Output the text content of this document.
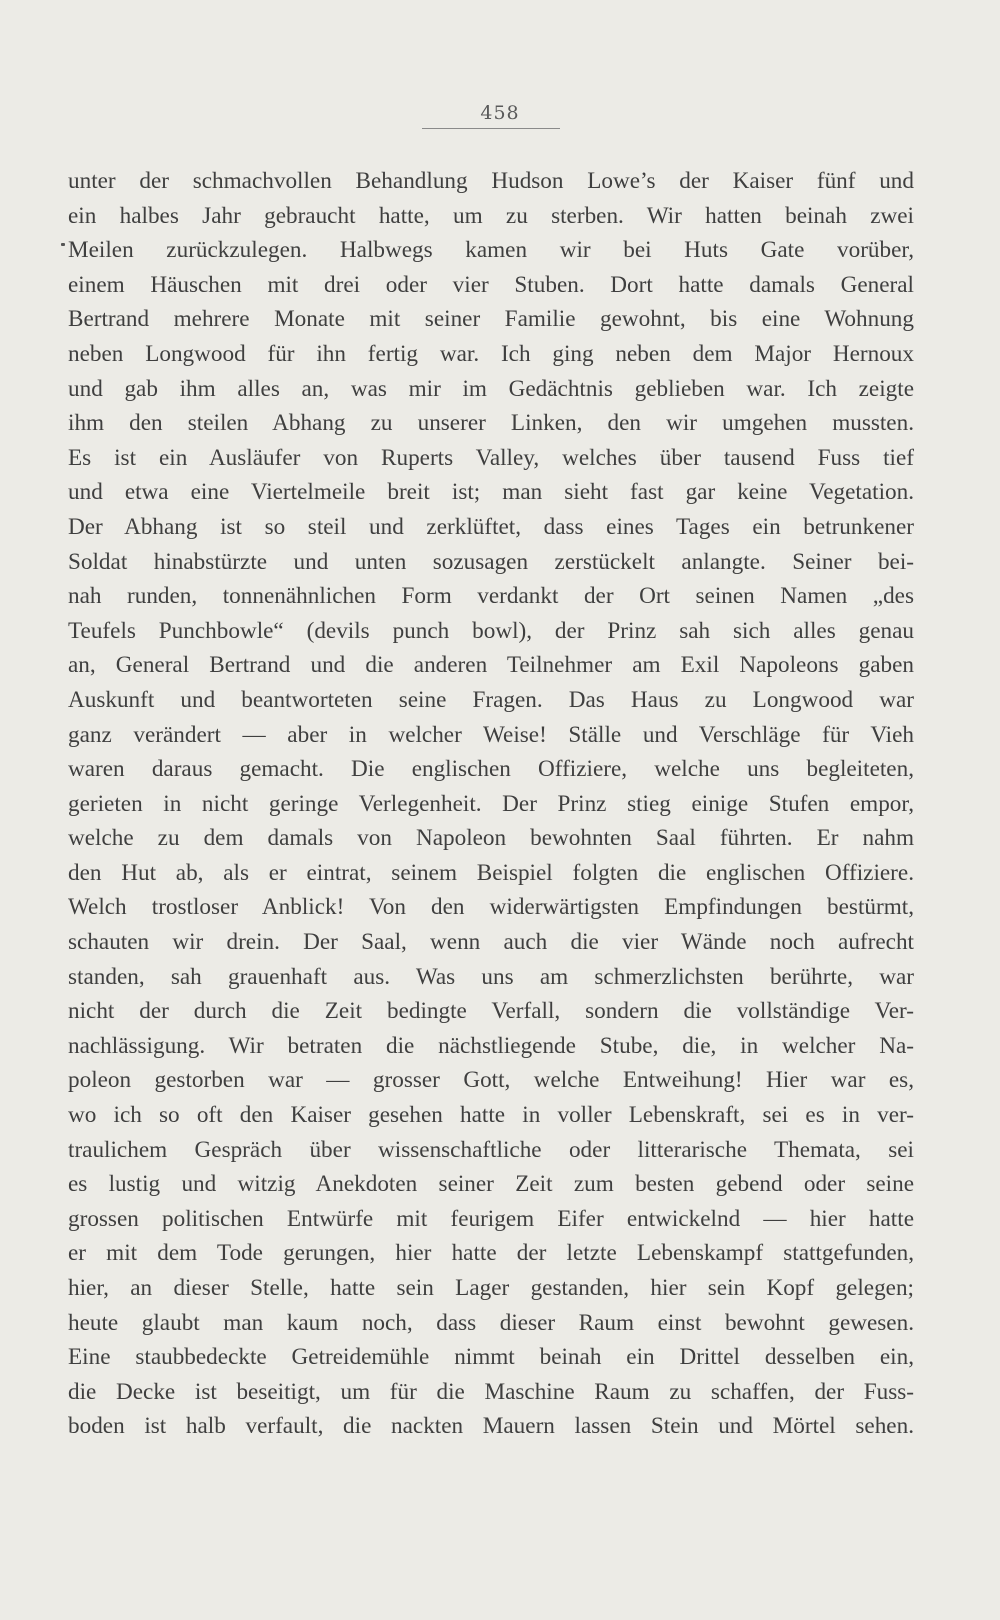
458
unter der schmachvollen Behandlung Hudson Lowe’s der Kaiser fünf und
ein halbes Jahr gebraucht hatte, um zu sterben. Wir hatten beinah zwei
Meilen zurückzulegen. Halbwegs kamen wir bei Huts Gate vorüber,
einem Häuschen mit drei oder vier Stuben. Dort hatte damals General
Bertrand mehrere Monate mit seiner Familie gewohnt, bis eine Wohnung
neben Longwood für ihn fertig war. Ich ging neben dem Major Hernoux
und gab ihm alles an, was mir im Gedächtnis geblieben war. Ich zeigte
ihm den steilen Abhang zu unserer Linken, den wir umgehen mussten.
Es ist ein Ausläufer von Ruperts Valley, welches über tausend Fuss tief
und etwa eine Viertelmeile breit ist; man sieht fast gar keine Vegetation.
Der Abhang ist so steil und zerklüftet, dass eines Tages ein betrunkener
Soldat hinabstürzte und unten sozusagen zerstückelt anlangte. Seiner bei-
nah runden, tonnenähnlichen Form verdankt der Ort seinen Namen „des
Teufels Punchbowle“ (devils punch bowl), der Prinz sah sich alles genau
an, General Bertrand und die anderen Teilnehmer am Exil Napoleons gaben
Auskunft und beantworteten seine Fragen. Das Haus zu Longwood war
ganz verändert — aber in welcher Weise! Ställe und Verschläge für Vieh
waren daraus gemacht. Die englischen Offiziere, welche uns begleiteten,
gerieten in nicht geringe Verlegenheit. Der Prinz stieg einige Stufen empor,
welche zu dem damals von Napoleon bewohnten Saal führten. Er nahm
den Hut ab, als er eintrat, seinem Beispiel folgten die englischen Offiziere.
Welch trostloser Anblick! Von den widerwärtigsten Empfindungen bestürmt,
schauten wir drein. Der Saal, wenn auch die vier Wände noch aufrecht
standen, sah grauenhaft aus. Was uns am schmerzlichsten berührte, war
nicht der durch die Zeit bedingte Verfall, sondern die vollständige Ver-
nachlässigung. Wir betraten die nächstliegende Stube, die, in welcher Na-
poleon gestorben war — grosser Gott, welche Entweihung! Hier war es,
wo ich so oft den Kaiser gesehen hatte in voller Lebenskraft, sei es in ver-
traulichem Gespräch über wissenschaftliche oder litterarische Themata, sei
es lustig und witzig Anekdoten seiner Zeit zum besten gebend oder seine
grossen politischen Entwürfe mit feurigem Eifer entwickelnd — hier hatte
er mit dem Tode gerungen, hier hatte der letzte Lebenskampf stattgefunden,
hier, an dieser Stelle, hatte sein Lager gestanden, hier sein Kopf gelegen;
heute glaubt man kaum noch, dass dieser Raum einst bewohnt gewesen.
Eine staubbedeckte Getreidemühle nimmt beinah ein Drittel desselben ein,
die Decke ist beseitigt, um für die Maschine Raum zu schaffen, der Fuss-
boden ist halb verfault, die nackten Mauern lassen Stein und Mörtel sehen.
